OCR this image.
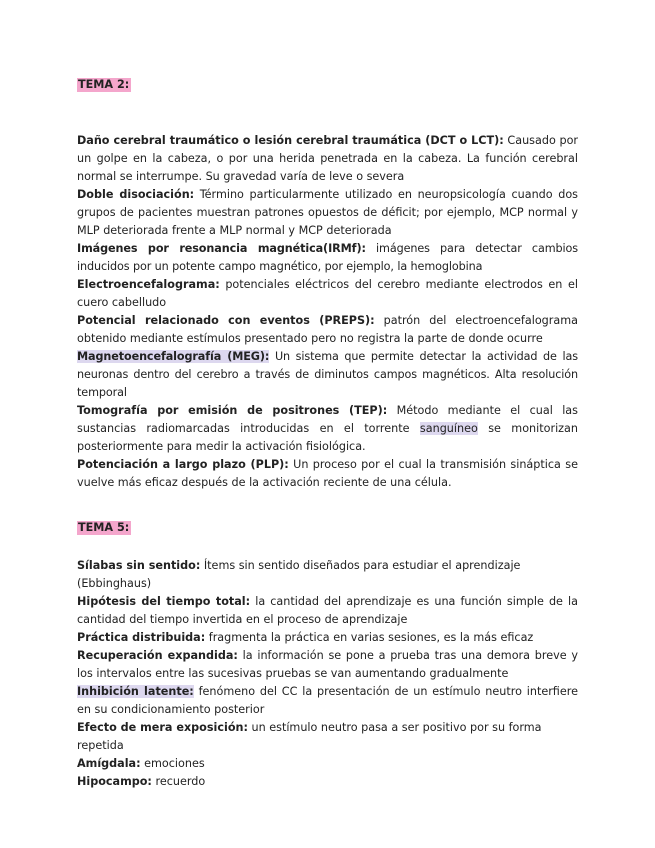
TEMA 2:

Daño cerebral traumático o lesión cerebral traumática (DCT o LCT): Causado por un golpe en la cabeza, o por una herida penetrada en la cabeza. La función cerebral normal se interrumpe. Su gravedad varía de leve o severa

Doble disociación: Término particularmente utilizado en neuropsicología cuando dos grupos de pacientes muestran patrones opuestos de déficit; por ejemplo, MCP normal y MLP deteriorada frente a MLP normal y MCP deteriorada

Imágenes por resonancia magnética(IRMf): imágenes para detectar cambios inducidos por un potente campo magnético, por ejemplo, la hemoglobina

Electroencefalograma: potenciales eléctricos del cerebro mediante electrodos en el cuero cabelludo

Potencial relacionado con eventos (PREPS): patrón del electroencefalograma obtenido mediante estímulos presentado pero no registra la parte de donde ocurre

Magnetoencefalografía (MEG): Un sistema que permite detectar la actividad de las neuronas dentro del cerebro a través de diminutos campos magnéticos. Alta resolución temporal

Tomografía por emisión de positrones (TEP): Método mediante el cual las sustancias radiomarcadas introducidas en el torrente sanguíneo se monitorizan posteriormente para medir la activación fisiológica.

Potenciación a largo plazo (PLP): Un proceso por el cual la transmisión sináptica se vuelve más eficaz después de la activación reciente de una célula.

TEMA 5:

Sílabas sin sentido: Ítems sin sentido diseñados para estudiar el aprendizaje (Ebbinghaus)

Hipótesis del tiempo total: la cantidad del aprendizaje es una función simple de la cantidad del tiempo invertida en el proceso de aprendizaje

Práctica distribuida: fragmenta la práctica en varias sesiones, es la más eficaz

Recuperación expandida: la información se pone a prueba tras una demora breve y los intervalos entre las sucesivas pruebas se van aumentando gradualmente

Inhibición latente: fenómeno del CC la presentación de un estímulo neutro interfiere en su condicionamiento posterior

Efecto de mera exposición: un estímulo neutro pasa a ser positivo por su forma repetida

Amígdala: emociones

Hipocampo: recuerdo
